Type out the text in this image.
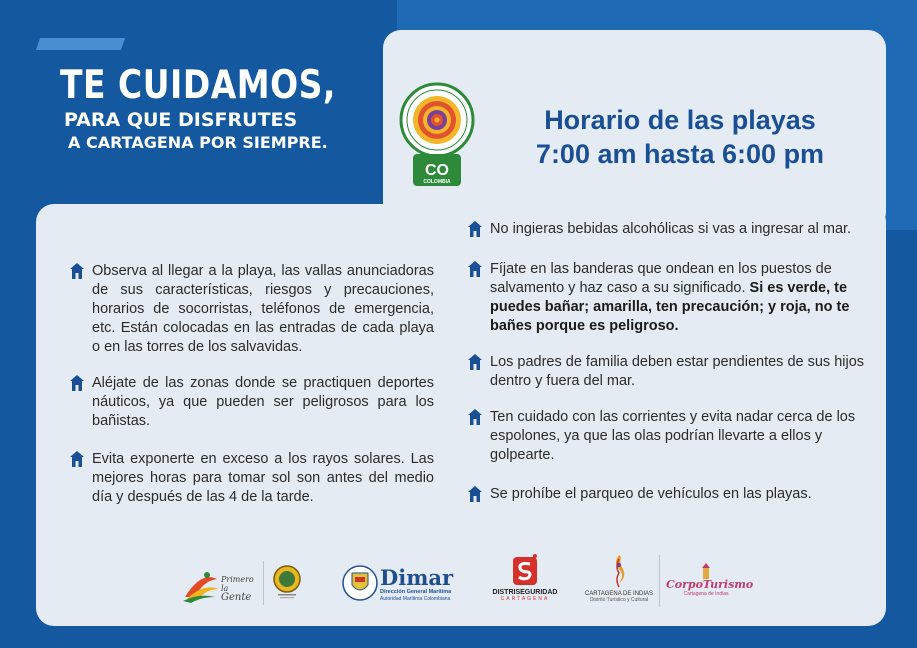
TE CUIDAMOS,
PARA QUE DISFRUTES
A CARTAGENA POR SIEMPRE.
CO
COLOMBIA
Horario de las playas
7:00 am hasta 6:00 pm

Observa al llegar a la playa, las vallas anunciadoras de sus características, riesgos y precauciones, horarios de socorristas, teléfonos de emergencia, etc. Están colocadas en las entradas de cada playa o en las torres de los salvavidas.

Aléjate de las zonas donde se practiquen deportes náuticos, ya que pueden ser peligrosos para los bañistas.

Evita exponerte en exceso a los rayos solares. Las mejores horas para tomar sol son antes del medio día y después de las 4 de la tarde.

No ingieras bebidas alcohólicas si vas a ingresar al mar.

Fíjate en las banderas que ondean en los puestos de salvamento y haz caso a su significado. Si es verde, te puedes bañar; amarilla, ten precaución; y roja, no te bañes porque es peligroso.

Los padres de familia deben estar pendientes de sus hijos dentro y fuera del mar.

Ten cuidado con las corrientes y evita nadar cerca de los espolones, ya que las olas podrían llevarte a ellos y golpearte.

Se prohíbe el parqueo de vehículos en las playas.

Primero la
Gente
Dimar
Dirección General Marítima
Autoridad Marítima Colombiana
DISTRISEGURIDAD
CARTAGENA
CARTAGENA DE INDIAS
Distrito Turístico y Cultural
CorpoTurismo
Cartagena de Indias
